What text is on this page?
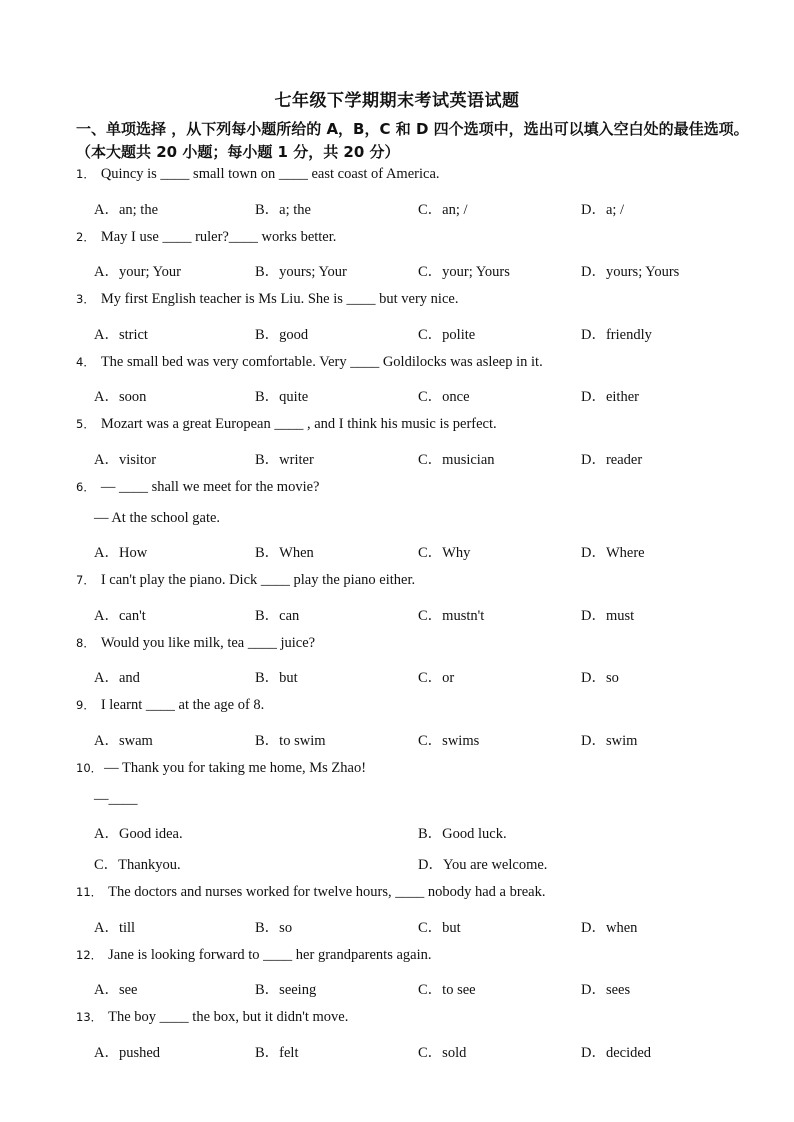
七年级下学期期末考试英语试题
一、单项选择 ，从下列每小题所给的 A，B，C 和 D 四个选项中，选出可以填入空白处的最佳选项。 （本大题共 20 小题；每小题 1 分，共 20 分）
1． Quincy is ____ small town on ____ east coast of America.
A．an; the	B．a; the	C．an; /	D．a; /
2． May I use ____ ruler?____ works better.
A．your; Your	B．yours; Your	C．your; Yours	D．yours; Yours
3． My first English teacher is Ms Liu. She is ____ but very nice.
A．strict	B．good	C．polite	D．friendly
4． The small bed was very comfortable. Very ____ Goldilocks was asleep in it.
A．soon	B．quite	C．once	D．either
5． Mozart was a great European ____ , and I think his music is perfect.
A．visitor	B．writer	C．musician	D．reader
6． — ____ shall we meet for the movie?
— At the school gate.
A．How	B．When	C．Why	D．Where
7． I can't play the piano. Dick ____ play the piano either.
A．can't	B．can	C．mustn't	D．must
8． Would you like milk, tea ____ juice?
A．and	B．but	C．or	D．so
9． I learnt ____ at the age of 8.
A．swam	B．to swim	C．swims	D．swim
10． — Thank you for taking me home, Ms Zhao!
—____
A．Good idea.	B．Good luck.
C．Thankyou.	D．You are welcome.
11． The doctors and nurses worked for twelve hours, ____ nobody had a break.
A．till	B．so	C．but	D．when
12． Jane is looking forward to ____ her grandparents again.
A．see	B．seeing	C．to see	D．sees
13． The boy ____ the box, but it didn't move.
A．pushed	B．felt	C．sold	D．decided
